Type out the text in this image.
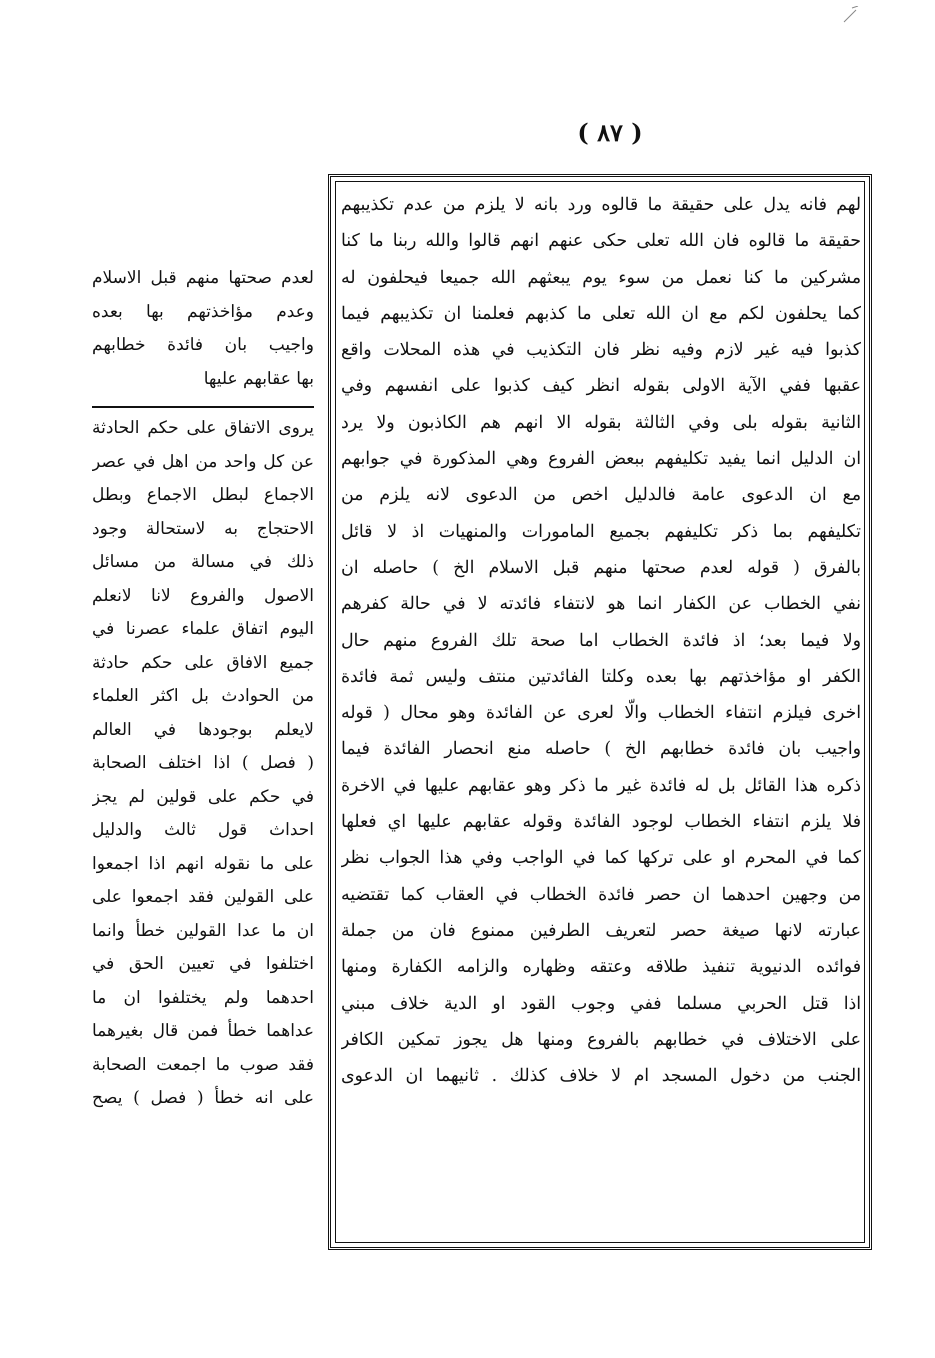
( ٨٧ )
لعدم صحتها منهم قبل الاسلام
وعدم مؤاخذتهم بها بعده
واجيب بان فائدة خطابهم
بها عقابهم عليها
يروى الاتفاق على حكم الحادثة
عن كل واحد من اهل في عصر
الاجماع لبطل الاجماع وبطل
الاحتجاج به لاستحالة وجود
ذلك في مسالة من مسائل
الاصول والفروع لانا لانعلم
اليوم اتفاق علماء عصرنا في
جميع الافاق على حكم حادثة
من الحوادث بل اكثر العلماء
لايعلم بوجودها في العالم
( فصل ) اذا اختلف الصحابة
في حكم على قولين لم يجز
احداث قول ثالث والدليل
على ما نقوله انهم اذا اجمعوا
على القولين فقد اجمعوا على
ان ما عدا القولين خطأ وانما
اختلفوا في تعيين الحق في
احدهما ولم يختلفوا ان ما
عداهما خطأ فمن قال بغيرهما
فقد صوب ما اجمعت الصحابة
على انه خطأ ( فصل ) يصح
لهم فانه يدل على حقيقة ما قالوه ورد بانه لا يلزم من عدم تكذيبهم
حقيقة ما قالوه فان الله تعلى حكى عنهم انهم قالوا والله ربنا ما كنا
مشركين ما كنا نعمل من سوء يوم يبعثهم الله جميعا فيحلفون له
كما يحلفون لكم مع ان الله تعلى ما كذبهم فعلمنا ان تكذيبهم فيما
كذبوا فيه غير لازم وفيه نظر فان التكذيب في هذه المحلات واقع
عقبها ففي الآية الاولى بقوله انظر كيف كذبوا على انفسهم وفي
الثانية بقوله بلى وفي الثالثة بقوله الا انهم هم الكاذبون ولا يرد
ان الدليل انما يفيد تكليفهم ببعض الفروع وهي المذكورة في جوابهم
مع ان الدعوى عامة فالدليل اخص من الدعوى لانه يلزم من
تكليفهم بما ذكر تكليفهم بجميع المامورات والمنهيات اذ لا قائل
بالفرق ( قوله لعدم صحتها منهم قبل الاسلام الخ ) حاصله ان
نفي الخطاب عن الكفار انما هو لانتفاء فائدته لا في حالة كفرهم
ولا فيما بعد؛ اذ فائدة الخطاب اما صحة تلك الفروع منهم حال
الكفر او مؤاخذتهم بها بعده وكلتا الفائدتين منتف وليس ثمة فائدة
اخرى فيلزم انتفاء الخطاب والّا لعرى عن الفائدة وهو محال ( قوله
واجيب بان فائدة خطابهم الخ ) حاصله منع انحصار الفائدة فيما
ذكره هذا القائل بل له فائدة غير ما ذكر وهو عقابهم عليها في الاخرة
فلا يلزم انتفاء الخطاب لوجود الفائدة وقوله عقابهم عليها اي فعلها
كما في المحرم او على تركها كما في الواجب وفي هذا الجواب نظر
من وجهين احدهما ان حصر فائدة الخطاب في العقاب كما تقتضيه
عبارته لانها صيغة حصر لتعريف الطرفين ممنوع فان من جملة
فوائده الدنيوية تنفيذ طلاقه وعتقه وظهاره والزامه الكفارة ومنها
اذا قتل الحربي مسلما ففي وجوب القود او الدية خلاف مبني
على الاختلاف في خطابهم بالفروع ومنها هل يجوز تمكين الكافر
الجنب من دخول المسجد ام لا خلاف كذلك . ثانيهما ان الدعوى
